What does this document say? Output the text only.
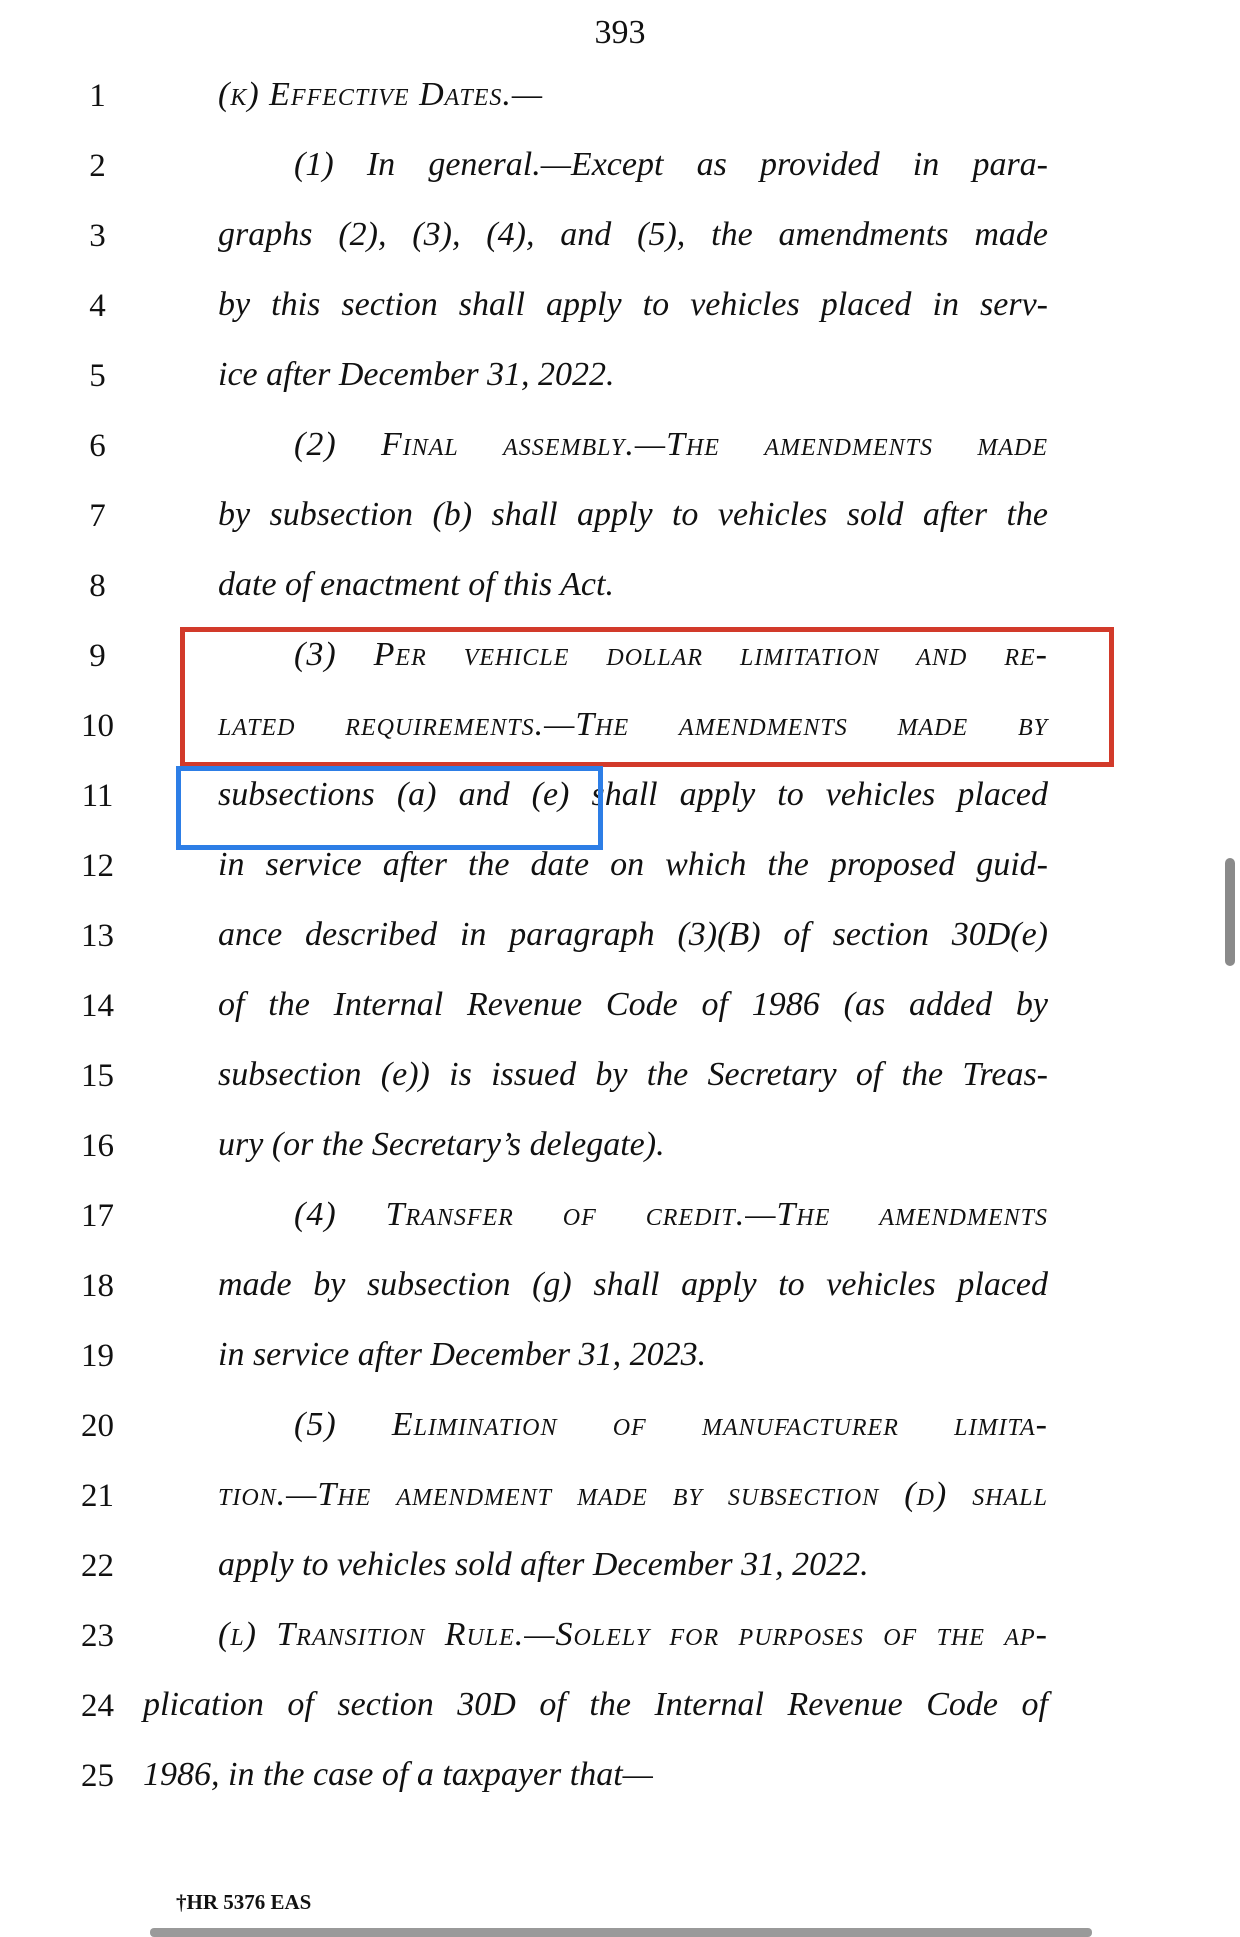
393
1	(k) Effective Dates.—
2	(1) In general.—Except as provided in para-
3	graphs (2), (3), (4), and (5), the amendments made
4	by this section shall apply to vehicles placed in serv-
5	ice after December 31, 2022.
6	(2) Final assembly.—The amendments made
7	by subsection (b) shall apply to vehicles sold after the
8	date of enactment of this Act.
9	(3) Per vehicle dollar limitation and re-
10	lated requirements.—The amendments made by
11	subsections (a) and (e) shall apply to vehicles placed
12	in service after the date on which the proposed guid-
13	ance described in paragraph (3)(B) of section 30D(e)
14	of the Internal Revenue Code of 1986 (as added by
15	subsection (e)) is issued by the Secretary of the Treas-
16	ury (or the Secretary’s delegate).
17	(4) Transfer of credit.—The amendments
18	made by subsection (g) shall apply to vehicles placed
19	in service after December 31, 2023.
20	(5) Elimination of manufacturer limita-
21	tion.—The amendment made by subsection (d) shall
22	apply to vehicles sold after December 31, 2022.
23	(l) Transition Rule.—Solely for purposes of the ap-
24 plication of section 30D of the Internal Revenue Code of
25 1986, in the case of a taxpayer that—
†HR 5376 EAS
